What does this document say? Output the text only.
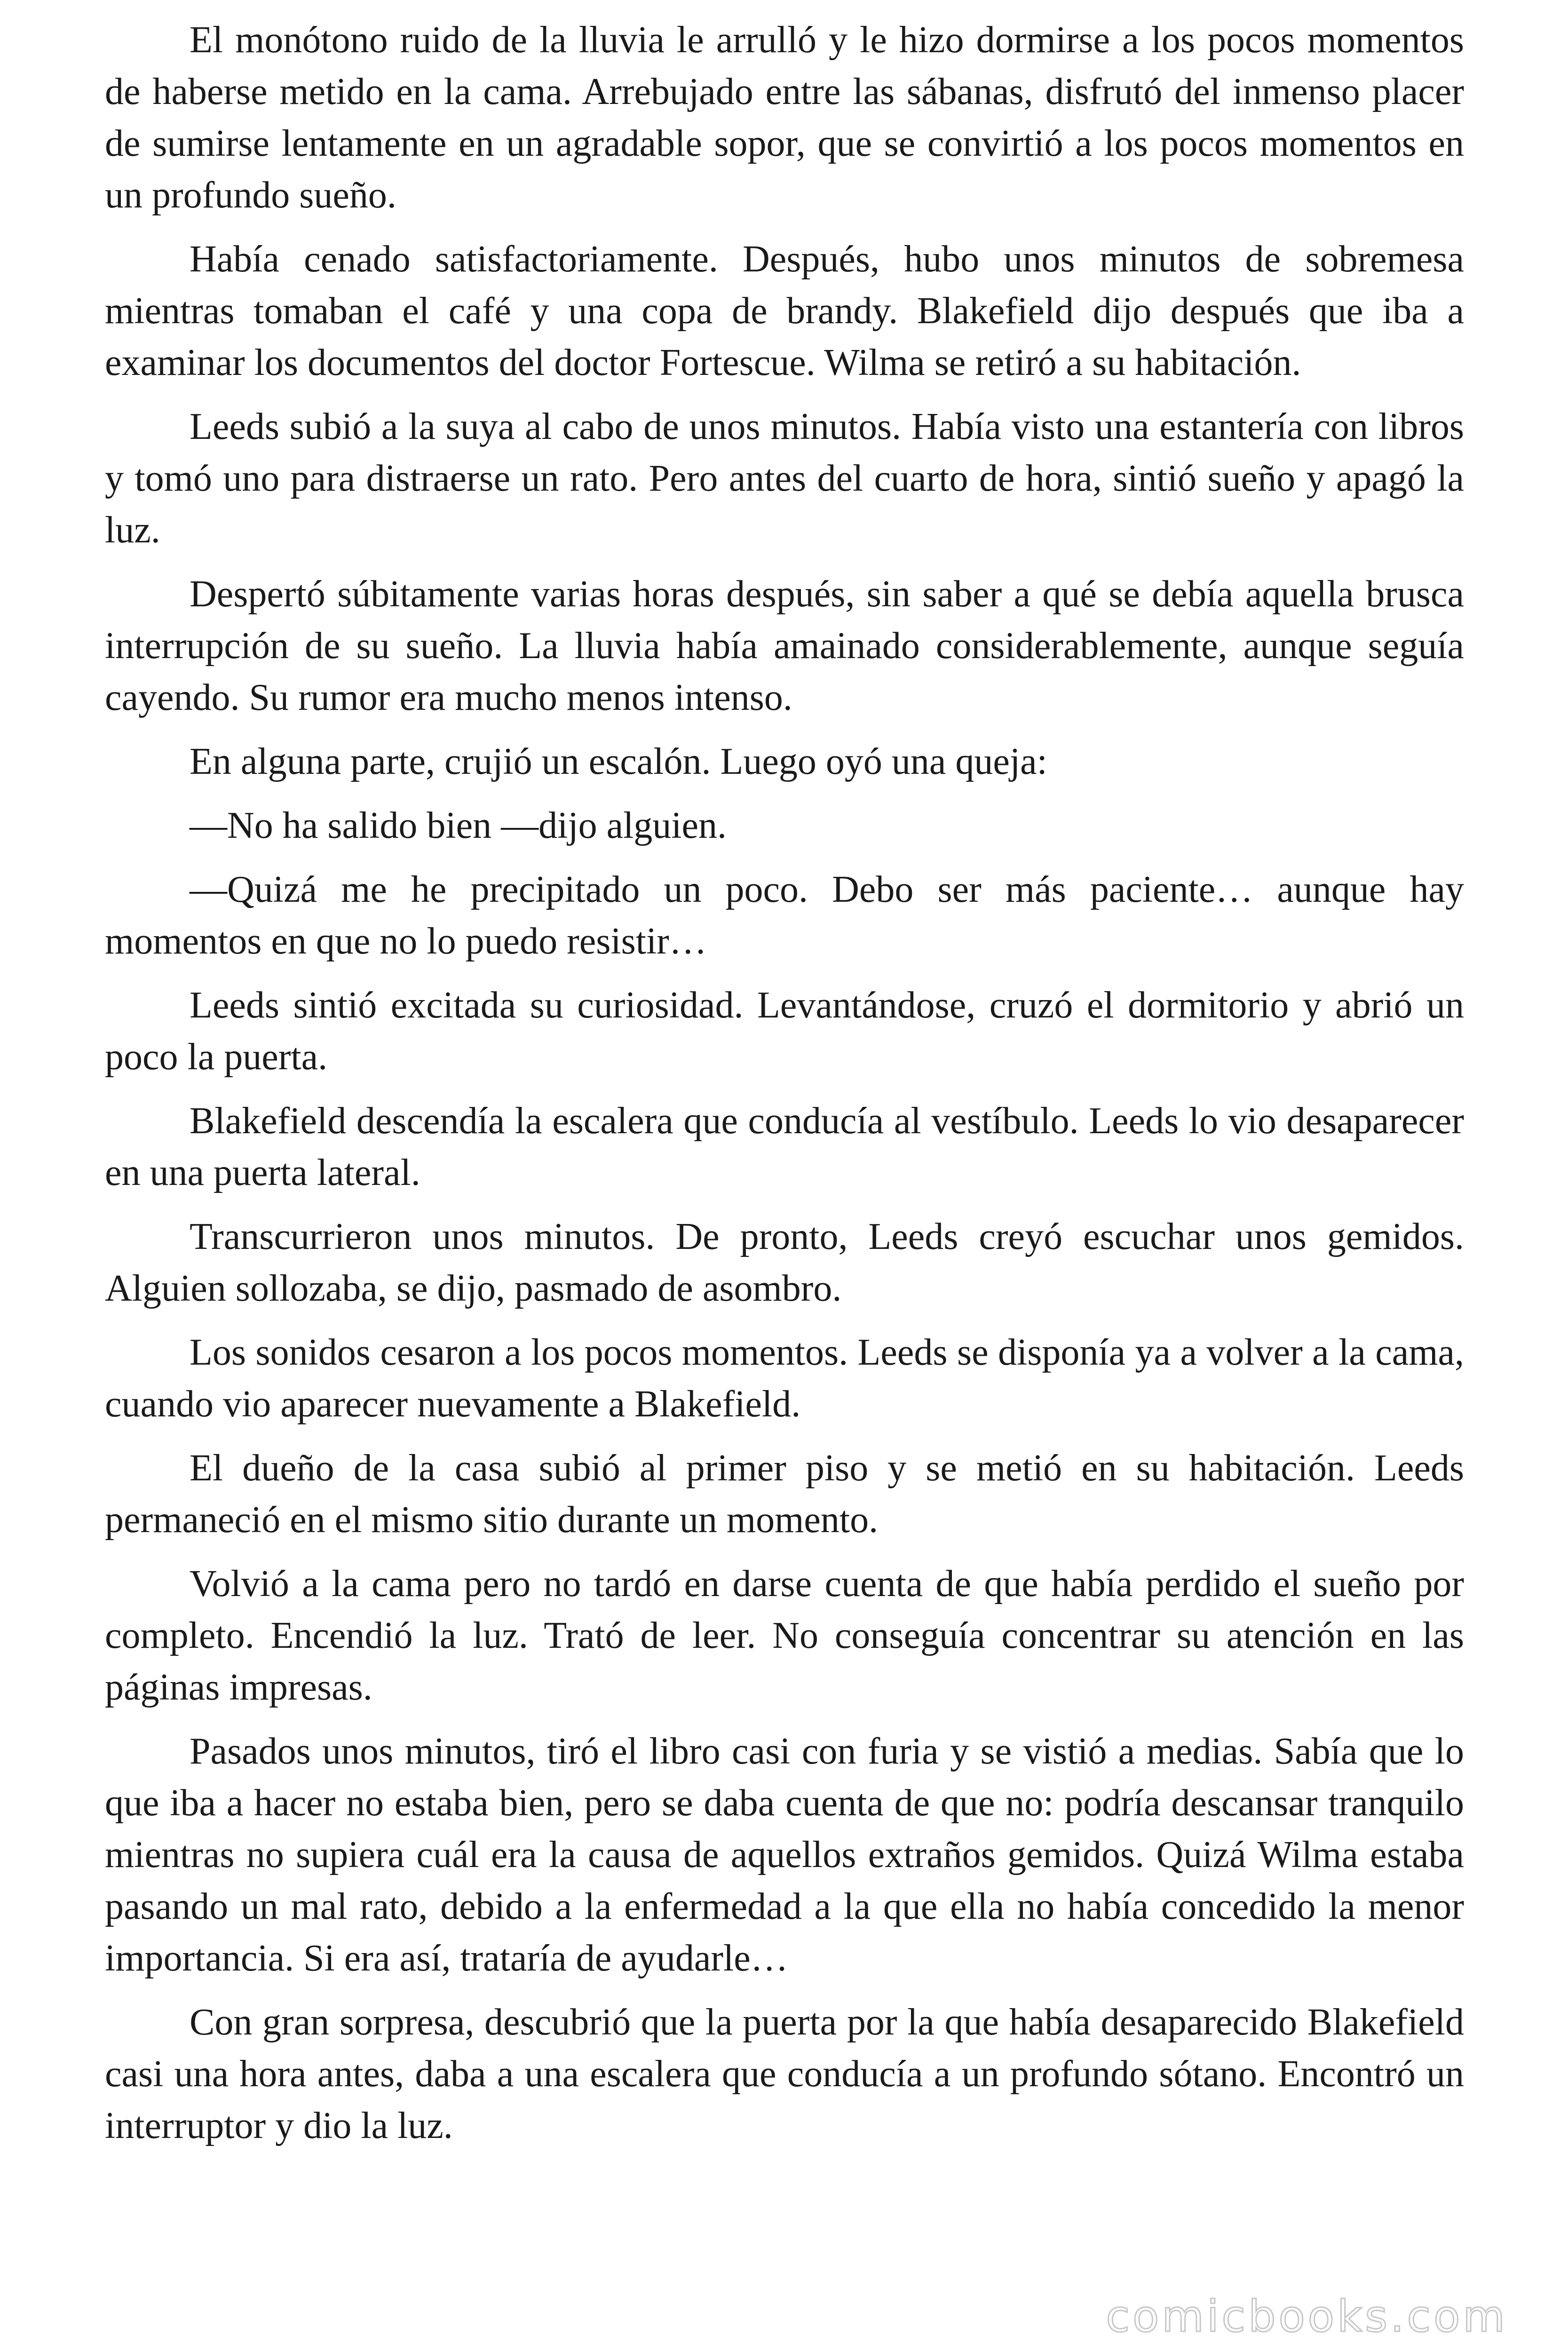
El monótono ruido de la lluvia le arrulló y le hizo dormirse a los pocos momentos de haberse metido en la cama. Arrebujado entre las sábanas, disfrutó del inmenso placer de sumirse lentamente en un agradable sopor, que se convirtió a los pocos momentos en un profundo sueño.

Había cenado satisfactoriamente. Después, hubo unos minutos de sobremesa mientras tomaban el café y una copa de brandy. Blakefield dijo después que iba a examinar los documentos del doctor Fortescue. Wilma se retiró a su habitación.

Leeds subió a la suya al cabo de unos minutos. Había visto una estantería con libros y tomó uno para distraerse un rato. Pero antes del cuarto de hora, sintió sueño y apagó la luz.

Despertó súbitamente varias horas después, sin saber a qué se debía aquella brusca interrupción de su sueño. La lluvia había amainado considerablemente, aunque seguía cayendo. Su rumor era mucho menos intenso.

En alguna parte, crujió un escalón. Luego oyó una queja:

—No ha salido bien —dijo alguien.

—Quizá me he precipitado un poco. Debo ser más paciente… aunque hay momentos en que no lo puedo resistir…

Leeds sintió excitada su curiosidad. Levantándose, cruzó el dormitorio y abrió un poco la puerta.

Blakefield descendía la escalera que conducía al vestíbulo. Leeds lo vio desaparecer en una puerta lateral.

Transcurrieron unos minutos. De pronto, Leeds creyó escuchar unos gemidos. Alguien sollozaba, se dijo, pasmado de asombro.

Los sonidos cesaron a los pocos momentos. Leeds se disponía ya a volver a la cama, cuando vio aparecer nuevamente a Blakefield.

El dueño de la casa subió al primer piso y se metió en su habitación. Leeds permaneció en el mismo sitio durante un momento.

Volvió a la cama pero no tardó en darse cuenta de que había perdido el sueño por completo. Encendió la luz. Trató de leer. No conseguía concentrar su atención en las páginas impresas.

Pasados unos minutos, tiró el libro casi con furia y se vistió a medias. Sabía que lo que iba a hacer no estaba bien, pero se daba cuenta de que no: podría descansar tranquilo mientras no supiera cuál era la causa de aquellos extraños gemidos. Quizá Wilma estaba pasando un mal rato, debido a la enfermedad a la que ella no había concedido la menor importancia. Si era así, trataría de ayudarle…

Con gran sorpresa, descubrió que la puerta por la que había desaparecido Blakefield casi una hora antes, daba a una escalera que conducía a un profundo sótano. Encontró un interruptor y dio la luz.

comicbooks.com
